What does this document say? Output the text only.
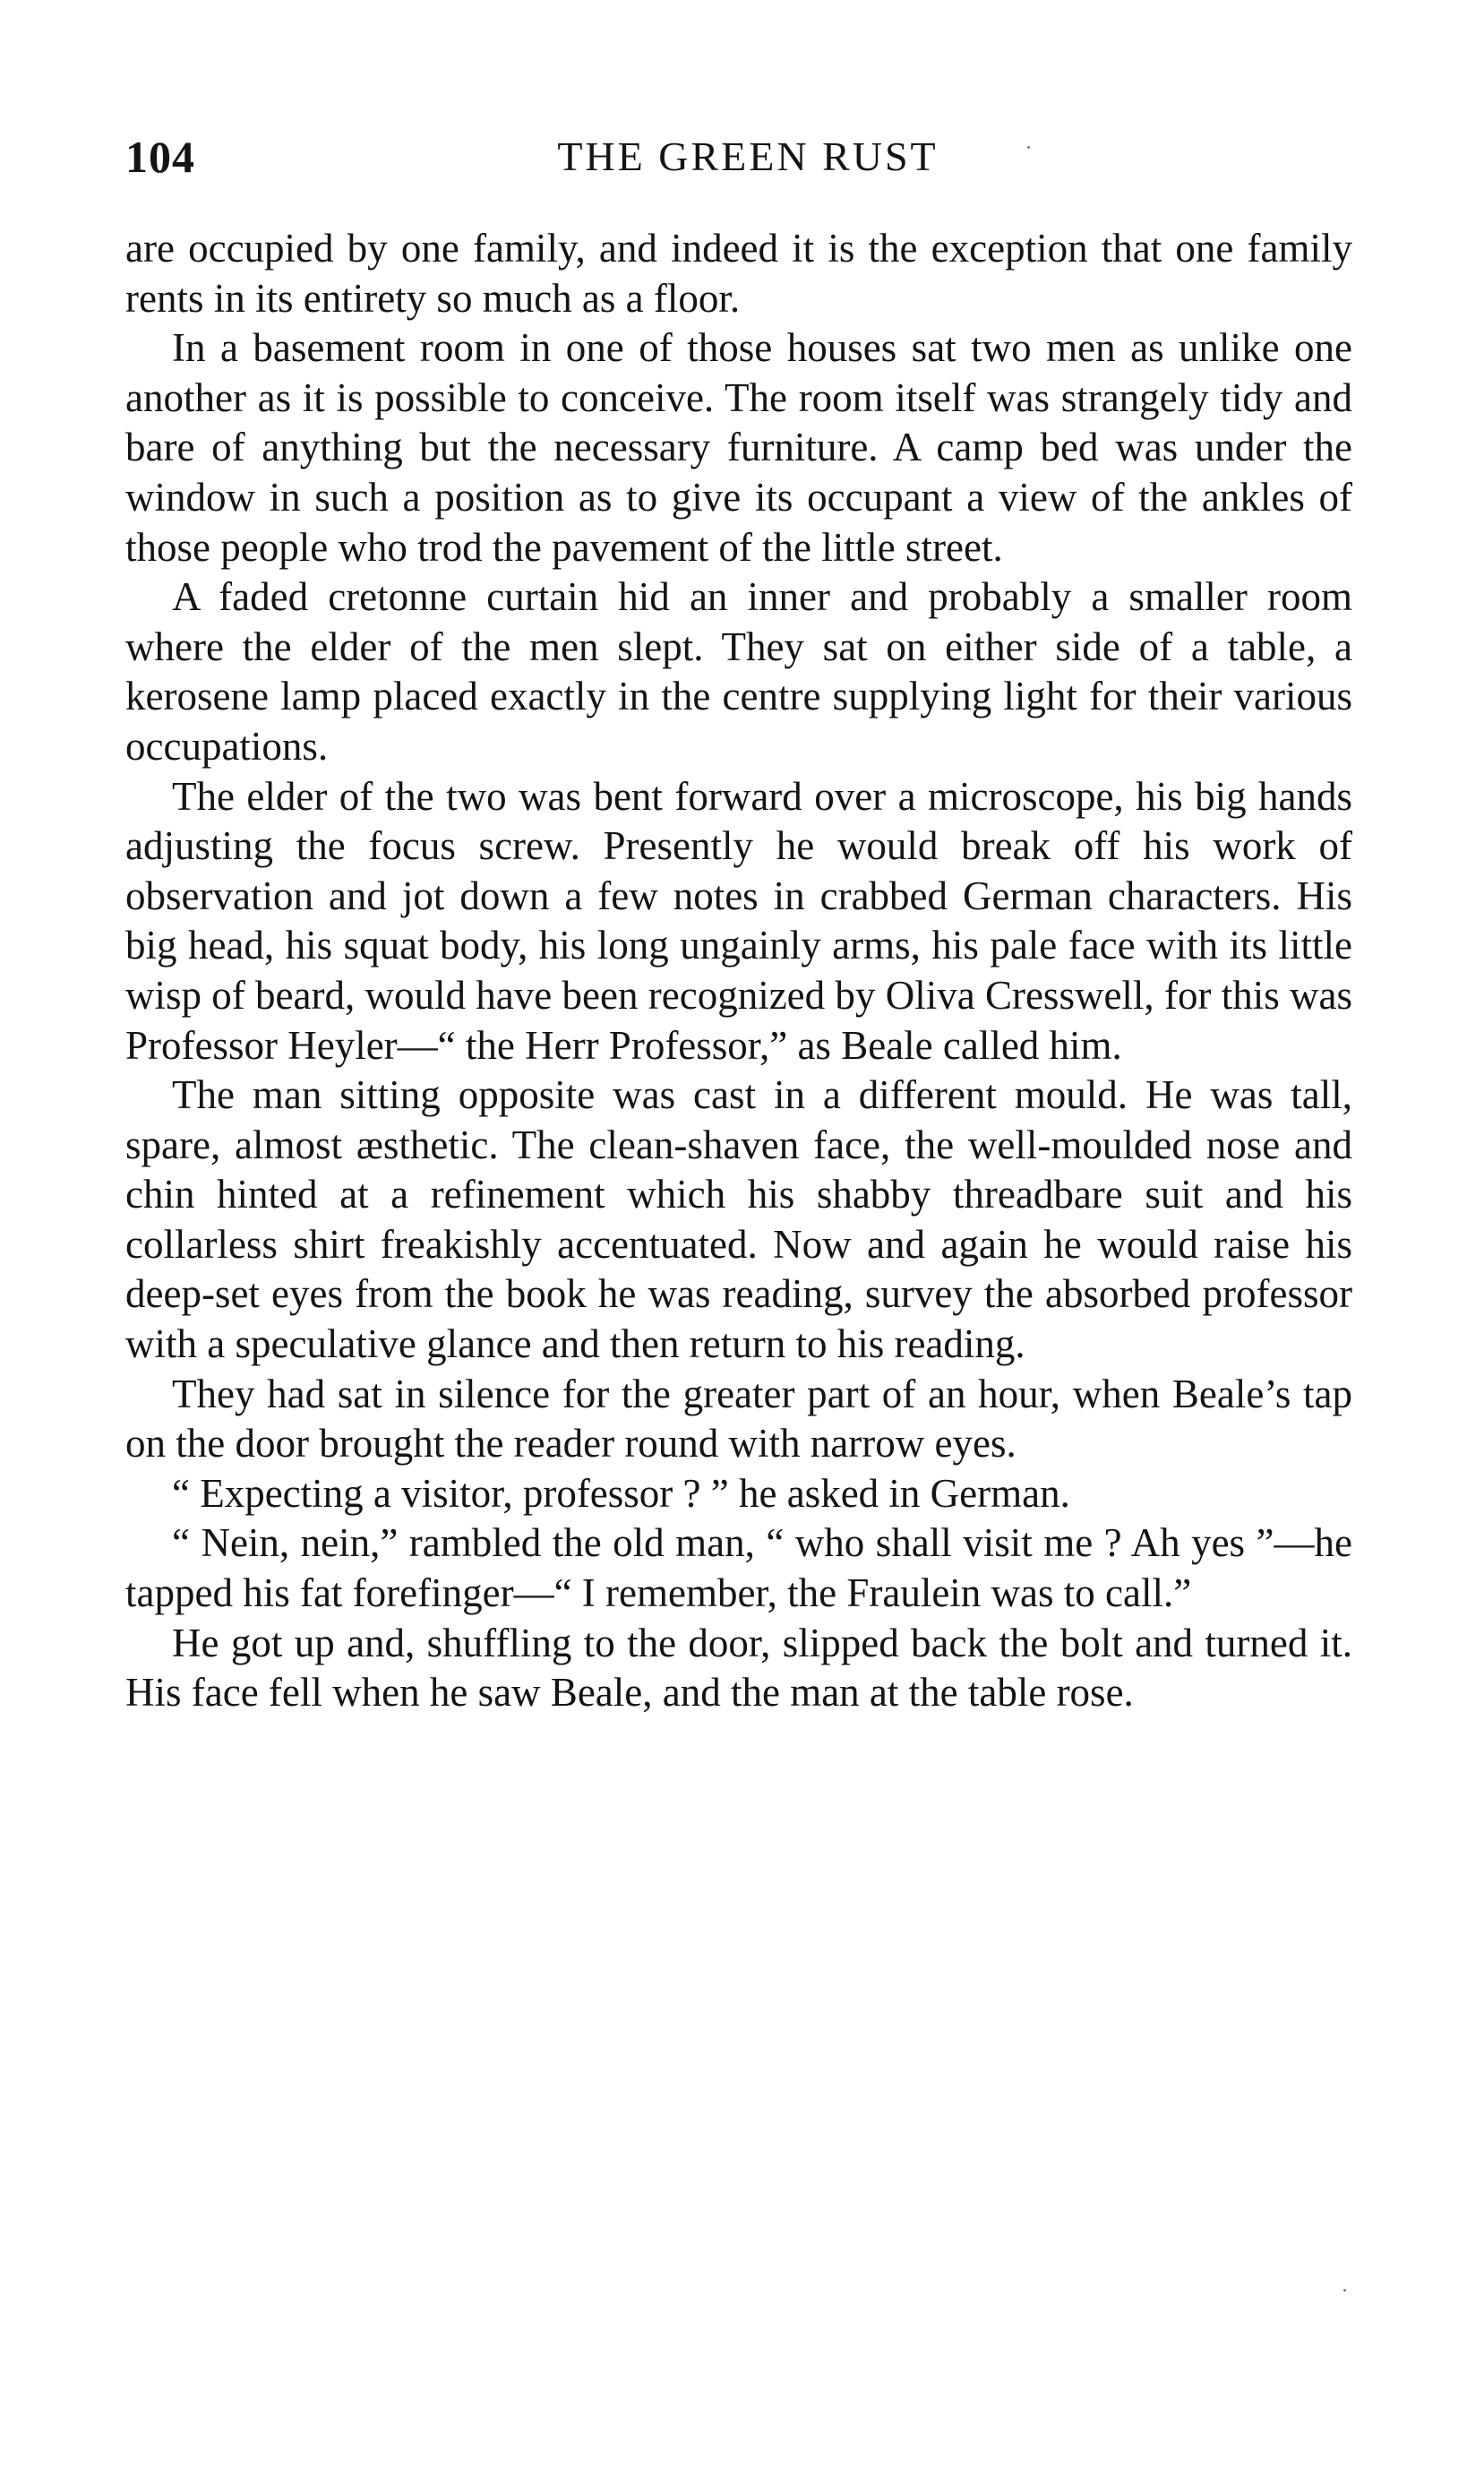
104	THE GREEN RUST

are occupied by one family, and indeed it is the exception that one family rents in its entirety so much as a floor.

In a basement room in one of those houses sat two men as unlike one another as it is possible to conceive. The room itself was strangely tidy and bare of anything but the necessary furniture. A camp bed was under the window in such a position as to give its occupant a view of the ankles of those people who trod the pavement of the little street.

A faded cretonne curtain hid an inner and probably a smaller room where the elder of the men slept. They sat on either side of a table, a kerosene lamp placed exactly in the centre supplying light for their various occupations.

The elder of the two was bent forward over a microscope, his big hands adjusting the focus screw. Presently he would break off his work of observation and jot down a few notes in crabbed German characters. His big head, his squat body, his long ungainly arms, his pale face with its little wisp of beard, would have been recognized by Oliva Cresswell, for this was Professor Heyler—“ the Herr Professor,” as Beale called him.

The man sitting opposite was cast in a different mould. He was tall, spare, almost æsthetic. The clean-shaven face, the well-moulded nose and chin hinted at a refinement which his shabby threadbare suit and his collarless shirt freakishly accentuated. Now and again he would raise his deep-set eyes from the book he was reading, survey the absorbed professor with a speculative glance and then return to his reading.

They had sat in silence for the greater part of an hour, when Beale’s tap on the door brought the reader round with narrow eyes.

“ Expecting a visitor, professor ? ” he asked in German.

“ Nein, nein,” rambled the old man, “ who shall visit me ? Ah yes ”—he tapped his fat forefinger—“ I remember, the Fraulein was to call.”

He got up and, shuffling to the door, slipped back the bolt and turned it. His face fell when he saw Beale, and the man at the table rose.
